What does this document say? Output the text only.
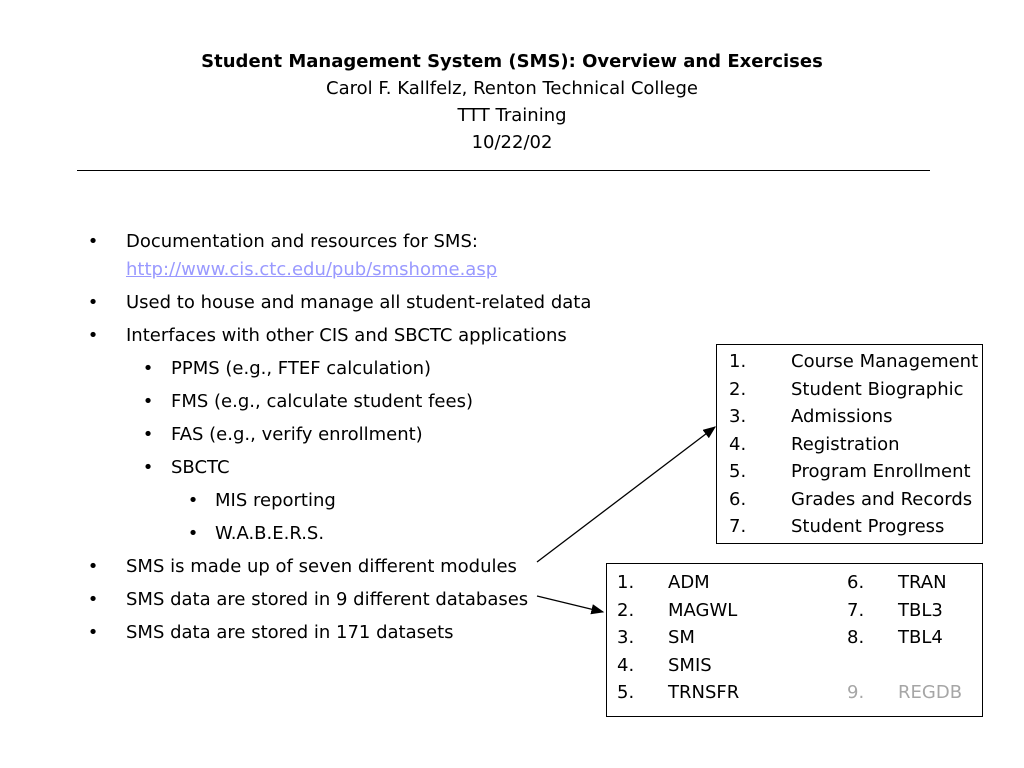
Student Management System (SMS): Overview and Exercises
Carol F. Kallfelz, Renton Technical College
TTT Training
10/22/02
• Documentation and resources for SMS:
http://www.cis.ctc.edu/pub/smshome.asp
• Used to house and manage all student-related data
• Interfaces with other CIS and SBCTC applications
• PPMS (e.g., FTEF calculation)
• FMS (e.g., calculate student fees)
• FAS (e.g., verify enrollment)
• SBCTC
• MIS reporting
• W.A.B.E.R.S.
• SMS is made up of seven different modules
• SMS data are stored in 9 different databases
• SMS data are stored in 171 datasets
1. Course Management
2. Student Biographic
3. Admissions
4. Registration
5. Program Enrollment
6. Grades and Records
7. Student Progress
1. ADM
2. MAGWL
3. SM
4. SMIS
5. TRNSFR
6. TRAN
7. TBL3
8. TBL4
9. REGDB
